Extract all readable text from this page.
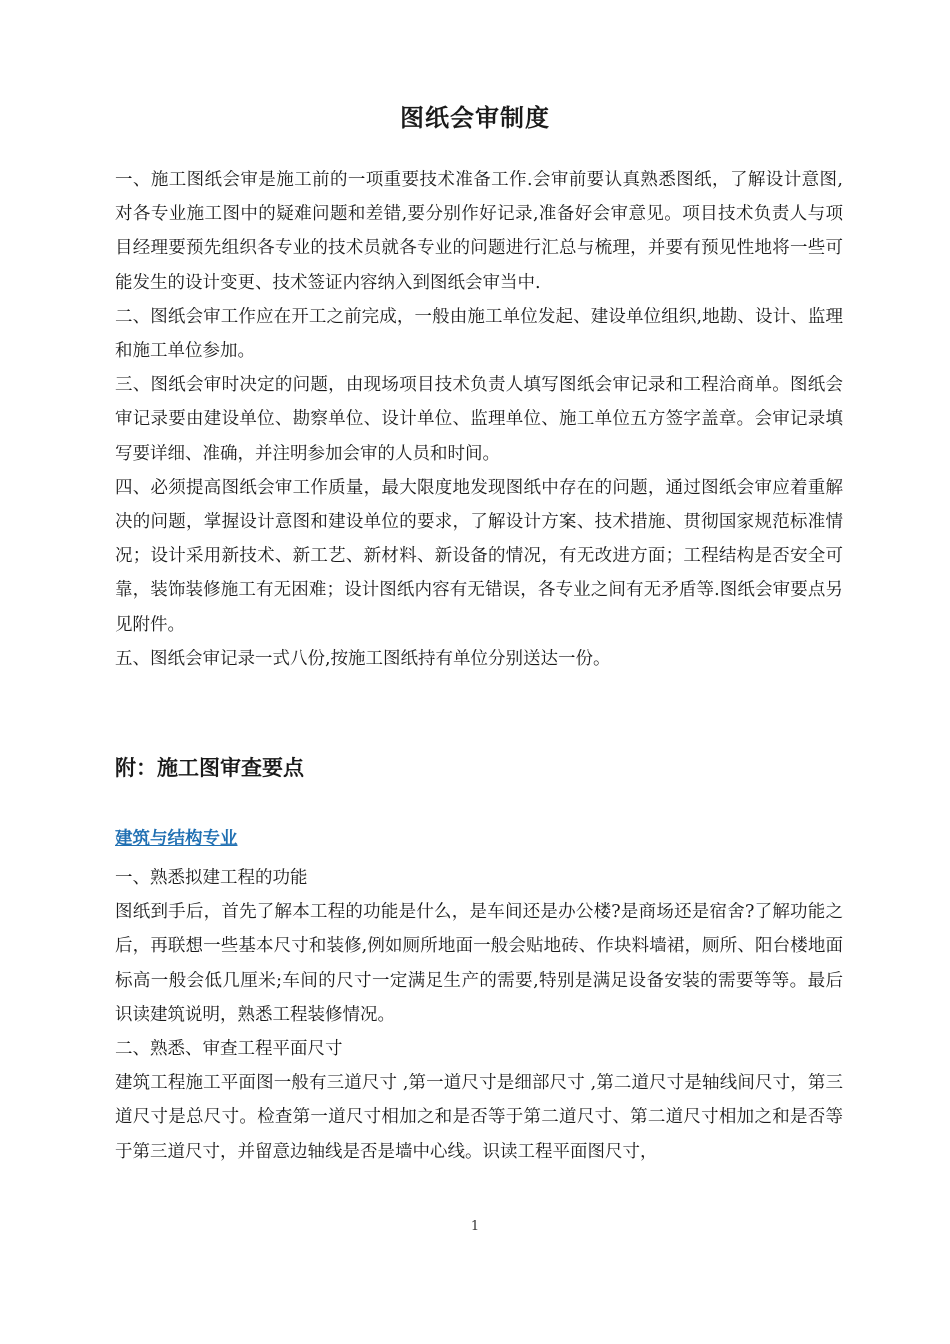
图纸会审制度

一、施工图纸会审是施工前的一项重要技术准备工作.会审前要认真熟悉图纸，了解设计意图,对各专业施工图中的疑难问题和差错,要分别作好记录,准备好会审意见。项目技术负责人与项目经理要预先组织各专业的技术员就各专业的问题进行汇总与梳理，并要有预见性地将一些可能发生的设计变更、技术签证内容纳入到图纸会审当中.

二、图纸会审工作应在开工之前完成，一般由施工单位发起、建设单位组织,地勘、设计、监理和施工单位参加。

三、图纸会审时决定的问题，由现场项目技术负责人填写图纸会审记录和工程洽商单。图纸会审记录要由建设单位、勘察单位、设计单位、监理单位、施工单位五方签字盖章。会审记录填写要详细、准确，并注明参加会审的人员和时间。

四、必须提高图纸会审工作质量，最大限度地发现图纸中存在的问题，通过图纸会审应着重解决的问题，掌握设计意图和建设单位的要求，了解设计方案、技术措施、贯彻国家规范标准情况；设计采用新技术、新工艺、新材料、新设备的情况，有无改进方面；工程结构是否安全可靠，装饰装修施工有无困难；设计图纸内容有无错误，各专业之间有无矛盾等.图纸会审要点另见附件。

五、图纸会审记录一式八份,按施工图纸持有单位分别送达一份。

附：施工图审查要点
建筑与结构专业

一、熟悉拟建工程的功能

图纸到手后，首先了解本工程的功能是什么，是车间还是办公楼?是商场还是宿舍?了解功能之后，再联想一些基本尺寸和装修,例如厕所地面一般会贴地砖、作块料墙裙，厕所、阳台楼地面标高一般会低几厘米;车间的尺寸一定满足生产的需要,特别是满足设备安装的需要等等。最后识读建筑说明，熟悉工程装修情况。

二、熟悉、审查工程平面尺寸

建筑工程施工平面图一般有三道尺寸 ,第一道尺寸是细部尺寸 ,第二道尺寸是轴线间尺寸，第三道尺寸是总尺寸。检查第一道尺寸相加之和是否等于第二道尺寸、第二道尺寸相加之和是否等于第三道尺寸，并留意边轴线是否是墙中心线。识读工程平面图尺寸，

1
